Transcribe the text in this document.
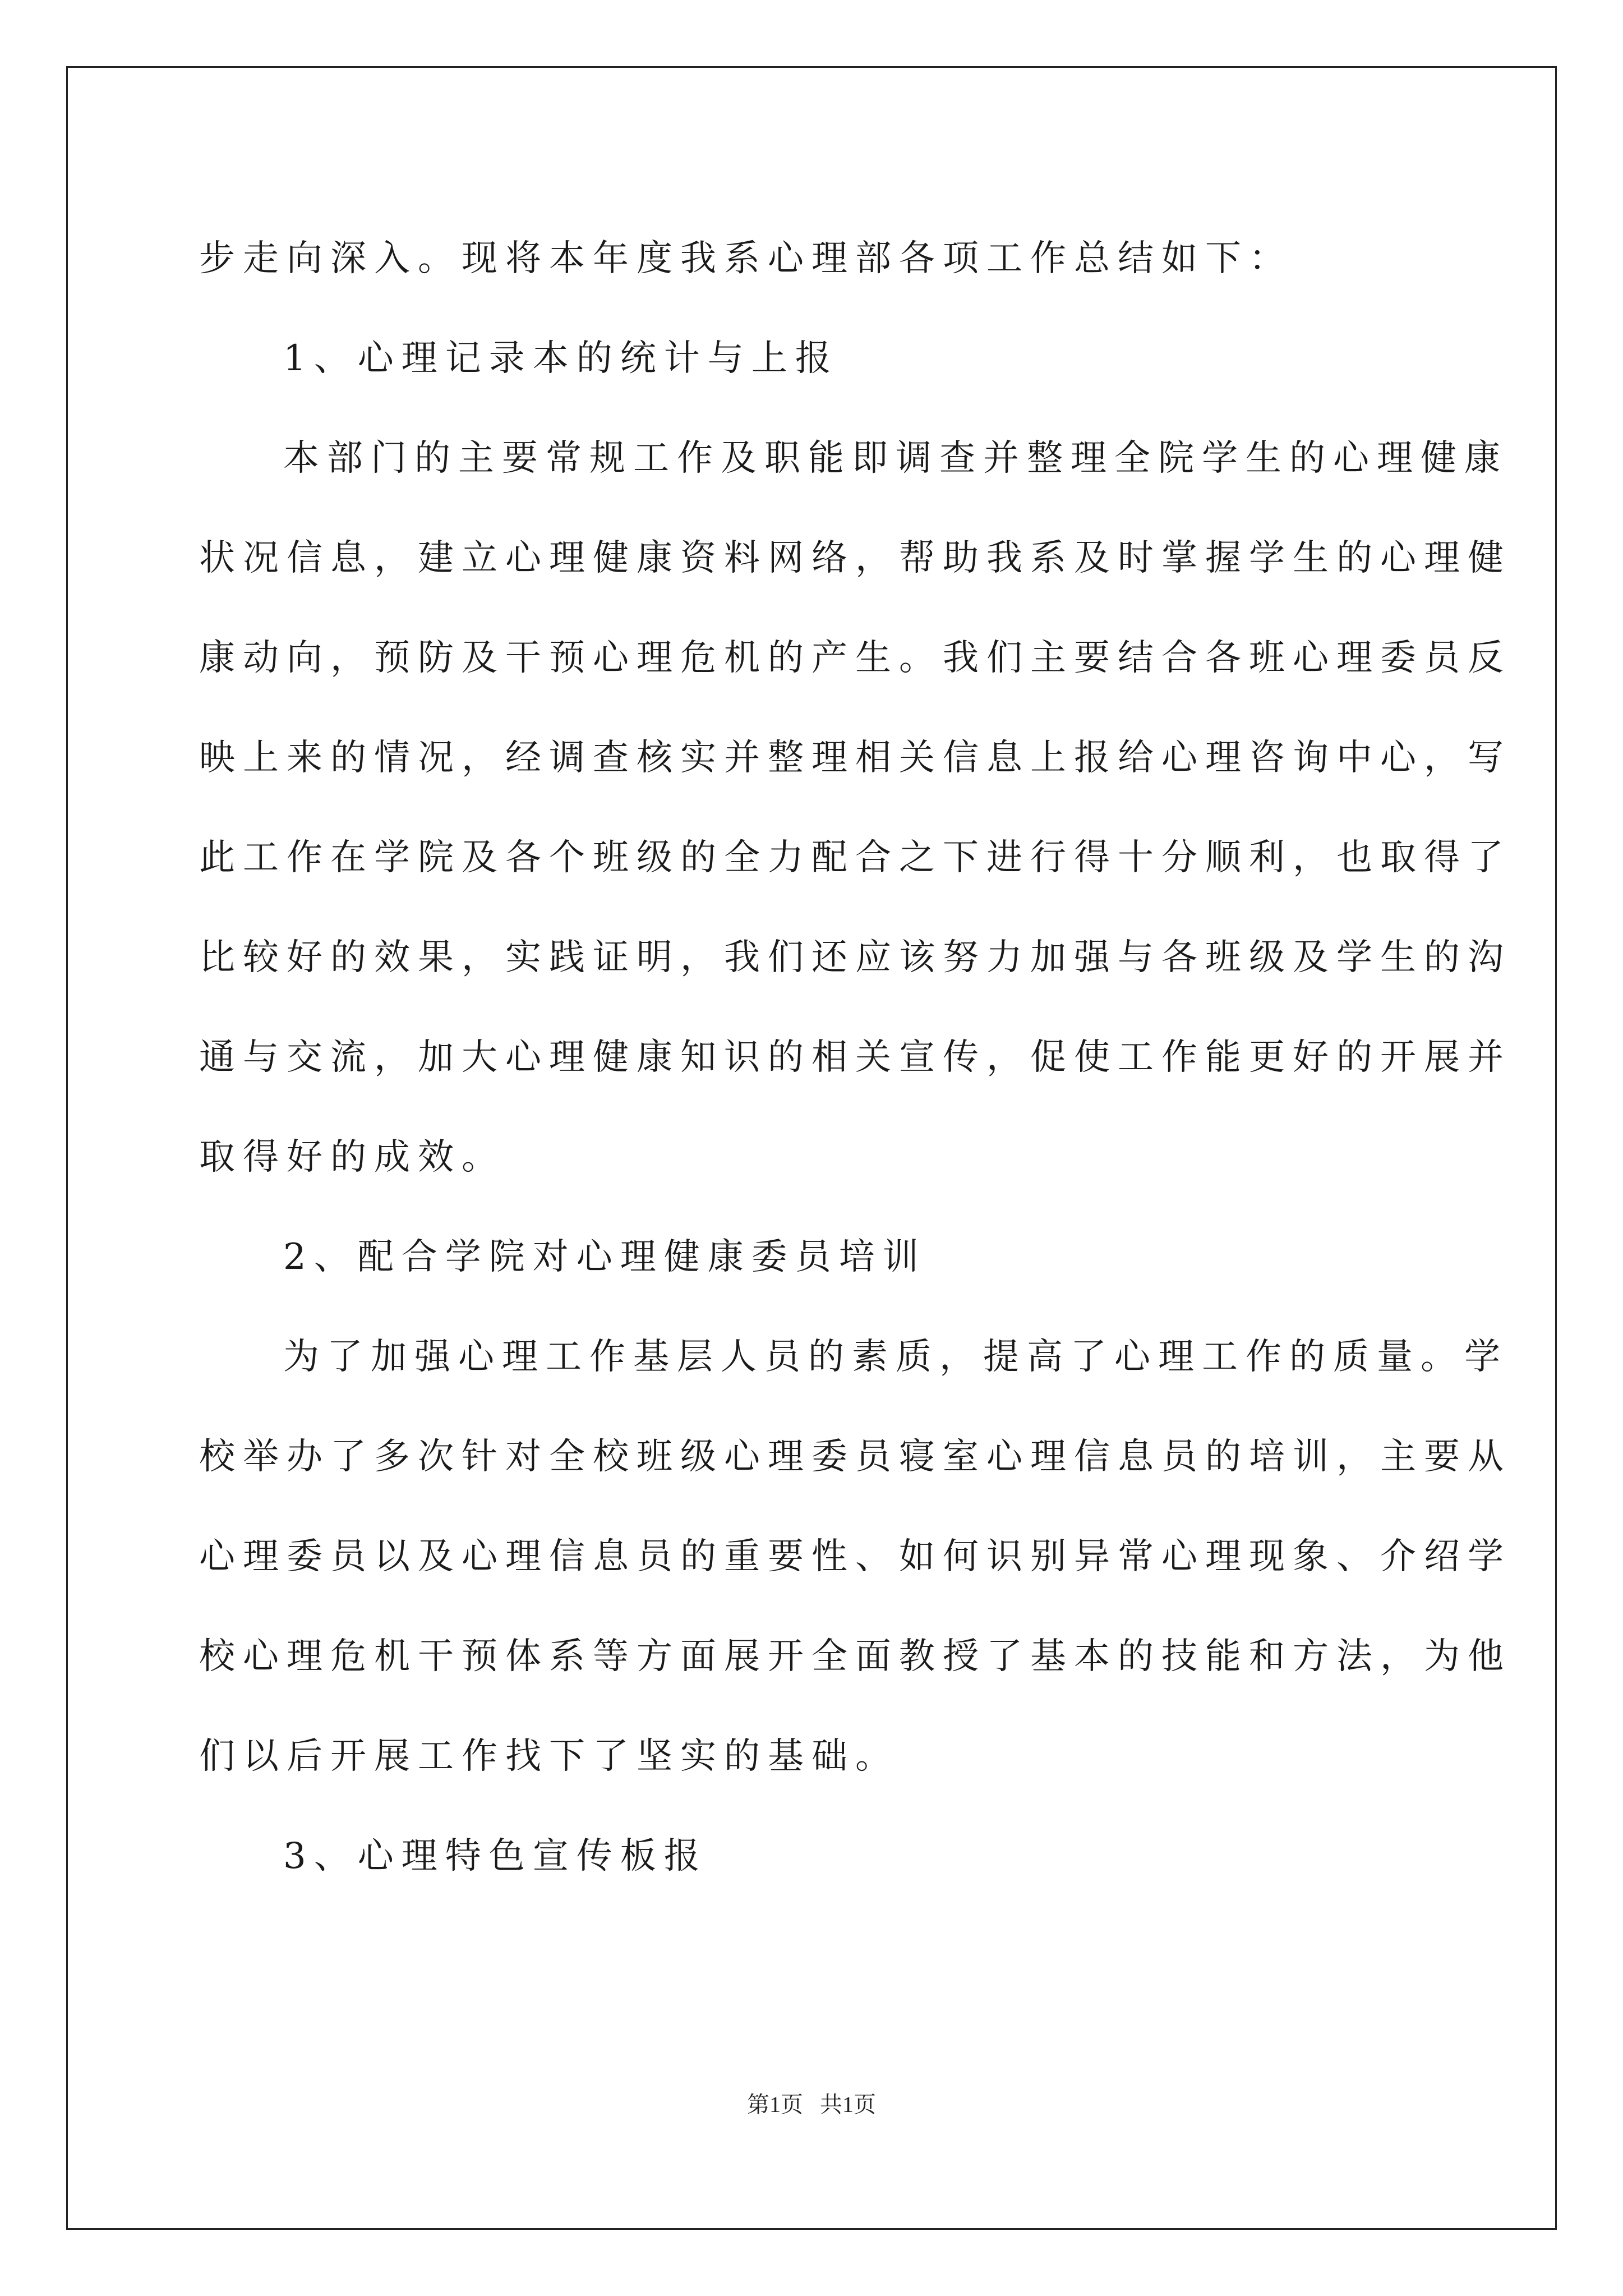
步走向深入。现将本年度我系心理部各项工作总结如下：
1、心理记录本的统计与上报
本部门的主要常规工作及职能即调查并整理全院学生的心理健康
状况信息，建立心理健康资料网络，帮助我系及时掌握学生的心理健
康动向，预防及干预心理危机的产生。我们主要结合各班心理委员反
映上来的情况，经调查核实并整理相关信息上报给心理咨询中心，写
此工作在学院及各个班级的全力配合之下进行得十分顺利，也取得了
比较好的效果，实践证明，我们还应该努力加强与各班级及学生的沟
通与交流，加大心理健康知识的相关宣传，促使工作能更好的开展并
取得好的成效。
2、配合学院对心理健康委员培训
为了加强心理工作基层人员的素质，提高了心理工作的质量。学
校举办了多次针对全校班级心理委员寝室心理信息员的培训，主要从
心理委员以及心理信息员的重要性、如何识别异常心理现象、介绍学
校心理危机干预体系等方面展开全面教授了基本的技能和方法，为他
们以后开展工作找下了坚实的基础。
3、心理特色宣传板报
第1页 共1页
